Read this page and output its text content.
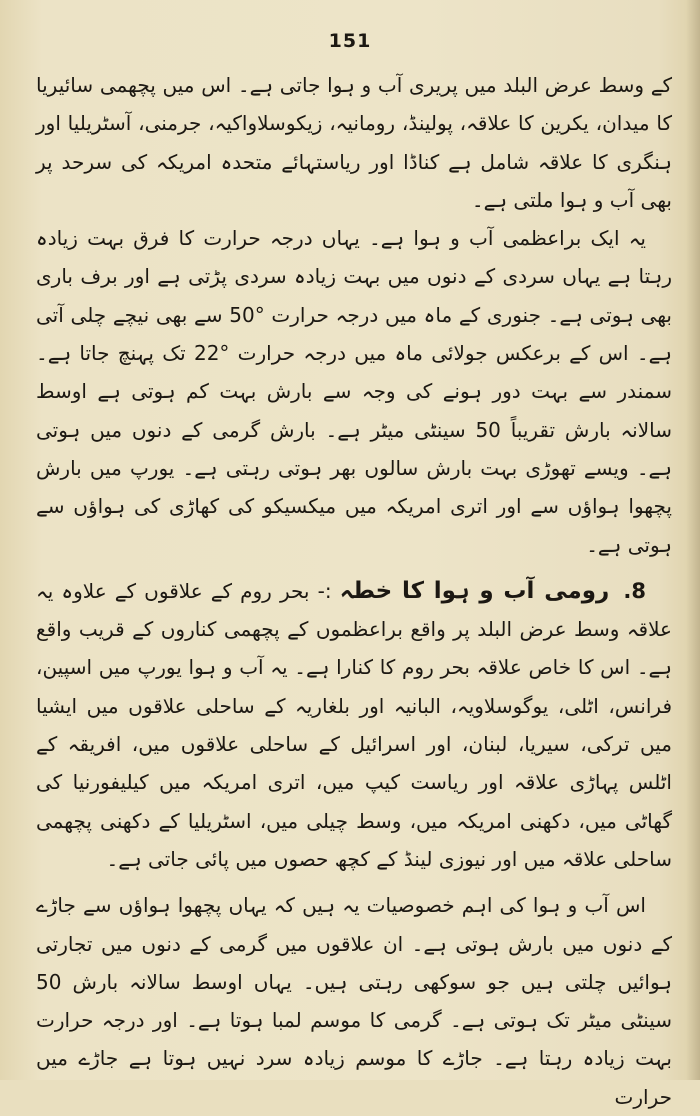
151

کے وسط عرض البلد میں پریری آب و ہوا جاتی ہے۔ اس میں پچھمی سائیریا کا میدان، یکرین کا علاقہ، پولینڈ، رومانیہ، زیکوسلاواکیہ، جرمنی، آسٹریلیا اور ہنگری کا علاقہ شامل ہے کناڈا اور ریاستہائے متحدہ امریکہ کی سرحد پر بھی آب و ہوا ملتی ہے۔

یہ ایک براعظمی آب و ہوا ہے۔ یہاں درجہ حرارت کا فرق بہت زیادہ رہتا ہے یہاں سردی کے دنوں میں بہت زیادہ سردی پڑتی ہے اور برف باری بھی ہوتی ہے۔ جنوری کے ماہ میں درجہ حرارت °50 سے بھی نیچے چلی آتی ہے۔ اس کے برعکس جولائی ماہ میں درجہ حرارت °22 تک پہنچ جاتا ہے۔ سمندر سے بہت دور ہونے کی وجہ سے بارش بہت کم ہوتی ہے اوسط سالانہ بارش تقریباً 50 سینٹی میٹر ہے۔ بارش گرمی کے دنوں میں ہوتی ہے۔ ویسے تھوڑی بہت بارش سالوں بھر ہوتی رہتی ہے۔ یورپ میں بارش پچھوا ہواؤں سے اور اتری امریکہ میں میکسیکو کی کھاڑی کی ہواؤں سے ہوتی ہے۔

8. رومی آب و ہوا کا خطہ :- بحر روم کے علاقوں کے علاوہ یہ علاقہ وسط عرض البلد پر واقع براعظموں کے پچھمی کناروں کے قریب واقع ہے۔ اس کا خاص علاقہ بحر روم کا کنارا ہے۔ یہ آب و ہوا یورپ میں اسپین، فرانس، اٹلی، یوگوسلاویہ، البانیہ اور بلغاریہ کے ساحلی علاقوں میں ایشیا میں ترکی، سیریا، لبنان، اور اسرائیل کے ساحلی علاقوں میں، افریقہ کے اٹلس پہاڑی علاقہ اور ریاست کیپ میں، اتری امریکہ میں کیلیفورنیا کی گھاٹی میں، دکھنی امریکہ میں، وسط چیلی میں، اسٹریلیا کے دکھنی پچھمی ساحلی علاقہ میں اور نیوزی لینڈ کے کچھ حصوں میں پائی جاتی ہے۔

اس آب و ہوا کی اہم خصوصیات یہ ہیں کہ یہاں پچھوا ہواؤں سے جاڑے کے دنوں میں بارش ہوتی ہے۔ ان علاقوں میں گرمی کے دنوں میں تجارتی ہوائیں چلتی ہیں جو سوکھی رہتی ہیں۔ یہاں اوسط سالانہ بارش 50 سینٹی میٹر تک ہوتی ہے۔ گرمی کا موسم لمبا ہوتا ہے۔ اور درجہ حرارت بہت زیادہ رہتا ہے۔ جاڑے کا موسم زیادہ سرد نہیں ہوتا ہے جاڑے میں حرارت
